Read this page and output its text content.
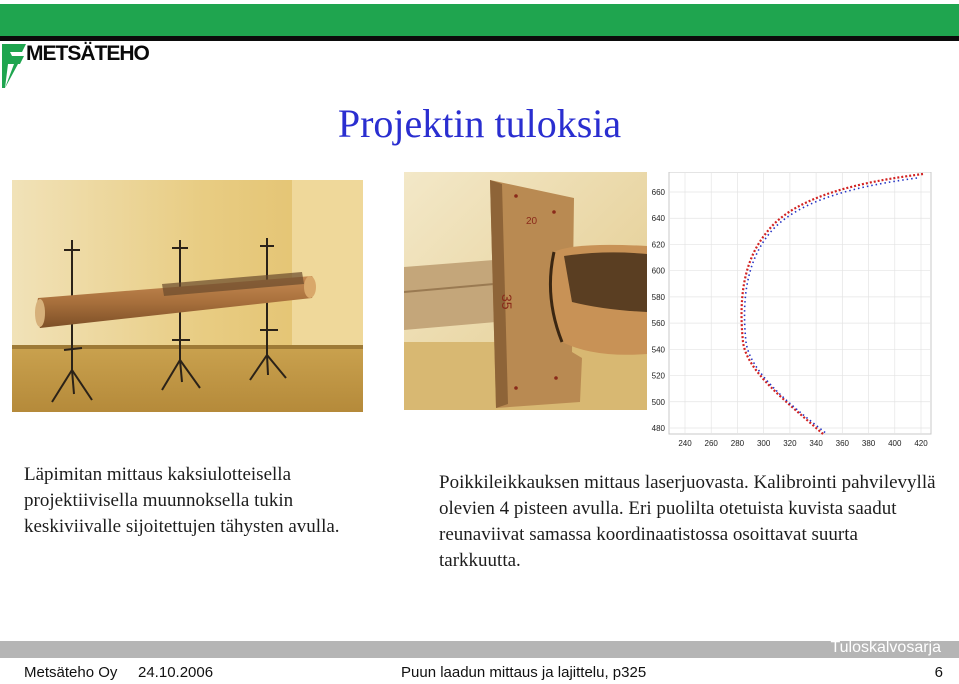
METSÄTEHO
Projektin tuloksia
20
35
240 260 280 300 320 340 360 380 400 420
660
640
620
600
580
560
540
520
500
480
Läpimitan mittaus kaksiulotteisella projektiivisella muunnoksella tukin keskiviivalle sijoitettujen tähysten avulla.
Poikkileikkauksen mittaus laserjuovasta. Kalibrointi pahvilevyllä olevien 4 pisteen avulla. Eri puolilta otetuista kuvista saadut reunaviivat samassa koordinaatistossa osoittavat suurta tarkkuutta.
Tuloskalvosarja
Metsäteho Oy 24.10.2006	Puun laadun mittaus ja lajittelu, p325	6
